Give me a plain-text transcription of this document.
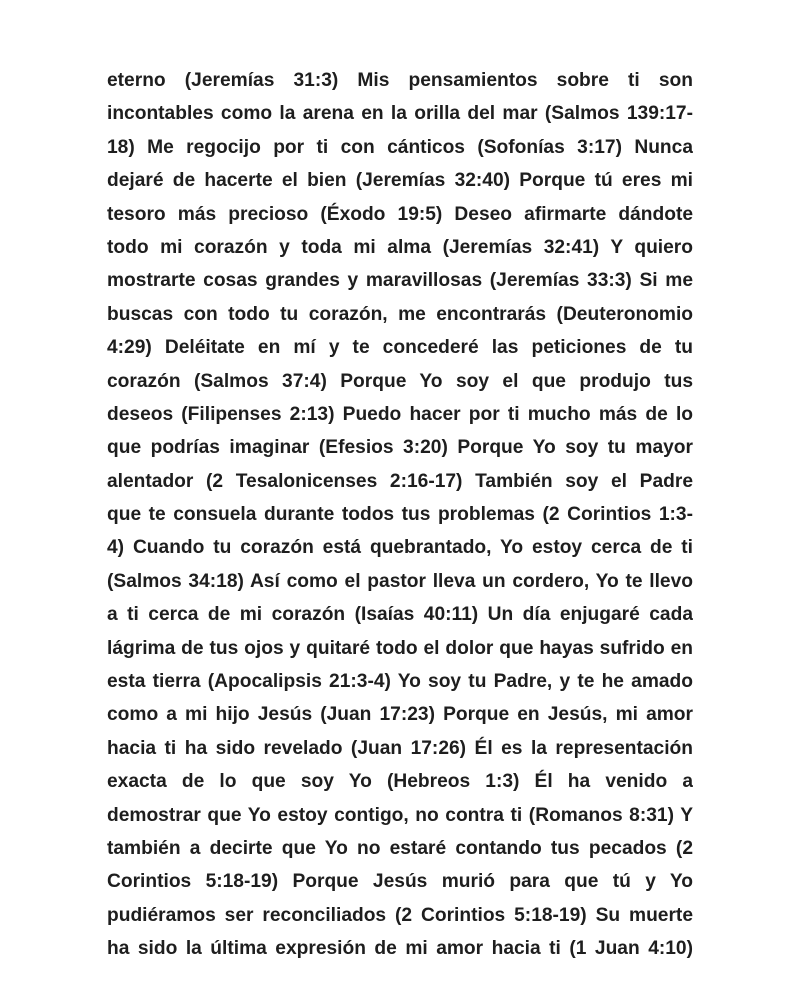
eterno (Jeremías 31:3) Mis pensamientos sobre ti son
incontables como la arena en la orilla del mar (Salmos 139:17-
18) Me regocijo por ti con cánticos (Sofonías 3:17) Nunca
dejaré de hacerte el bien (Jeremías 32:40) Porque tú eres mi
tesoro más precioso (Éxodo 19:5) Deseo afirmarte dándote
todo mi corazón y toda mi alma (Jeremías 32:41) Y quiero
mostrarte cosas grandes y maravillosas (Jeremías 33:3) Si me
buscas con todo tu corazón, me encontrarás (Deuteronomio
4:29) Deléitate en mí y te concederé las peticiones de tu
corazón (Salmos 37:4) Porque Yo soy el que produjo tus
deseos (Filipenses 2:13) Puedo hacer por ti mucho más de lo
que podrías imaginar (Efesios 3:20) Porque Yo soy tu mayor
alentador (2 Tesalonicenses 2:16-17) También soy el Padre
que te consuela durante todos tus problemas (2 Corintios 1:3-
4) Cuando tu corazón está quebrantado, Yo estoy cerca de ti
(Salmos 34:18) Así como el pastor lleva un cordero, Yo te llevo
a ti cerca de mi corazón (Isaías 40:11) Un día enjugaré cada
lágrima de tus ojos y quitaré todo el dolor que hayas sufrido en
esta tierra (Apocalipsis 21:3-4) Yo soy tu Padre, y te he amado
como a mi hijo Jesús (Juan 17:23) Porque en Jesús, mi amor
hacia ti ha sido revelado (Juan 17:26) Él es la representación
exacta de lo que soy Yo (Hebreos 1:3) Él ha venido a
demostrar que Yo estoy contigo, no contra ti (Romanos 8:31) Y
también a decirte que Yo no estaré contando tus pecados (2
Corintios 5:18-19) Porque Jesús murió para que tú y Yo
pudiéramos ser reconciliados (2 Corintios 5:18-19) Su muerte
ha sido la última expresión de mi amor hacia ti (1 Juan 4:10)
